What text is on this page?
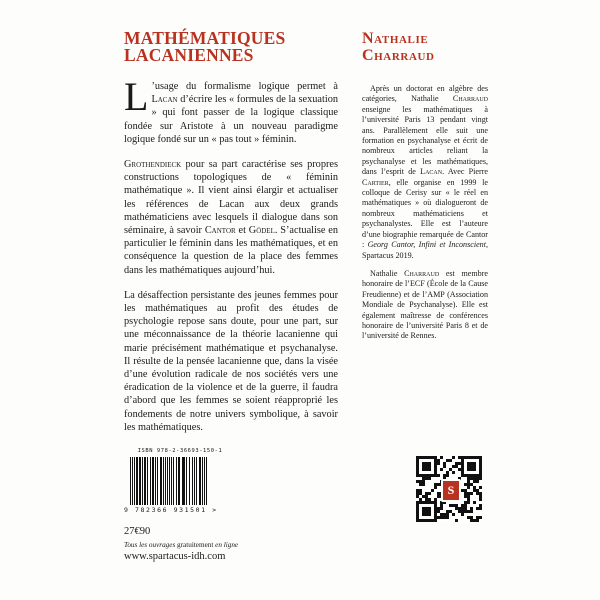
MATHÉMATIQUES
LACANIENNES
Nathalie
Charraud

L ’usage du formalisme logique permet à Lacan d’écrire les « formules de la sexuation » qui font passer de la logique classique fondée sur Aristote à un nouveau paradigme logique fondé sur un « pas tout » féminin.

Grothendieck pour sa part caractérise ses propres constructions topologiques de « féminin mathématique ». Il vient ainsi élargir et actualiser les références de Lacan aux deux grands mathématiciens avec lesquels il dialogue dans son séminaire, à savoir Cantor et Gödel. S’actualise en particulier le féminin dans les mathématiques, et en conséquence la question de la place des femmes dans les mathématiques aujourd’hui.

La désaffection persistante des jeunes femmes pour les mathématiques au profit des études de psychologie repose sans doute, pour une part, sur une méconnaissance de la théorie lacanienne qui marie précisément mathématique et psychanalyse. Il résulte de la pensée lacanienne que, dans la visée d’une évolution radicale de nos sociétés vers une éradication de la violence et de la guerre, il faudra d’abord que les femmes se soient réapproprié les fondements de notre univers symbolique, à savoir les mathématiques.

Après un doctorat en algèbre des catégories, Nathalie Charraud enseigne les mathématiques à l’université Paris 13 pendant vingt ans. Parallèlement elle suit une formation en psychanalyse et écrit de nombreux articles reliant la psychanalyse et les mathématiques, dans l’esprit de Lacan. Avec Pierre Cartier, elle organise en 1999 le colloque de Cerisy sur « le réel en mathématiques » où dialogueront de nombreux mathématiciens et psychanalystes. Elle est l’auteure d’une biographie remarquée de Cantor : Georg Cantor, Infini et Inconscient, Spartacus 2019.

Nathalie Charraud est membre honoraire de l’ECF (École de la Cause Freudienne) et de l’AMP (Association Mondiale de Psychanalyse). Elle est également maîtresse de conférences honoraire de l’université Paris 8 et de l’université de Rennes.

ISBN 978-2-36693-150-1
9 782366 931501 >
S
27€90
Tous les ouvrages gratuitement en ligne
www.spartacus-idh.com
